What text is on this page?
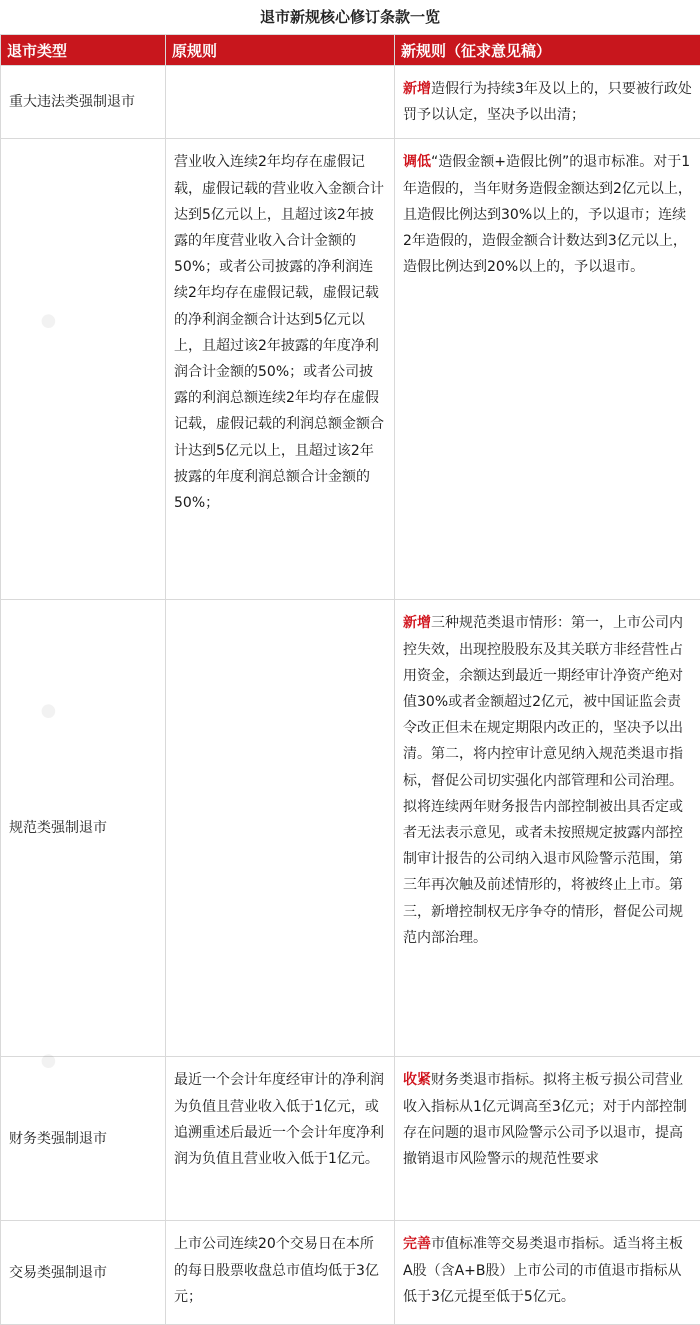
●
●
●
退市新规核心修订条款一览
退市类型	原规则	新规则（征求意见稿）
重大违法类强制退市		新增造假行为持续3年及以上的，只要被行政处罚予以认定，坚决予以出清；
	营业收入连续2年均存在虚假记载，虚假记载的营业收入金额合计达到5亿元以上，且超过该2年披露的年度营业收入合计金额的50%；或者公司披露的净利润连续2年均存在虚假记载，虚假记载的净利润金额合计达到5亿元以上，且超过该2年披露的年度净利润合计金额的50%；或者公司披露的利润总额连续2年均存在虚假记载，虚假记载的利润总额金额合计达到5亿元以上，且超过该2年披露的年度利润总额合计金额的50%；	调低“造假金额+造假比例”的退市标准。对于1年造假的，当年财务造假金额达到2亿元以上，且造假比例达到30%以上的，予以退市；连续2年造假的，造假金额合计数达到3亿元以上，造假比例达到20%以上的，予以退市。
规范类强制退市		新增三种规范类退市情形：第一，上市公司内控失效，出现控股股东及其关联方非经营性占用资金，余额达到最近一期经审计净资产绝对值30%或者金额超过2亿元，被中国证监会责令改正但未在规定期限内改正的，坚决予以出清。第二，将内控审计意见纳入规范类退市指标，督促公司切实强化内部管理和公司治理。拟将连续两年财务报告内部控制被出具否定或者无法表示意见，或者未按照规定披露内部控制审计报告的公司纳入退市风险警示范围，第三年再次触及前述情形的，将被终止上市。第三，新增控制权无序争夺的情形，督促公司规范内部治理。
财务类强制退市	最近一个会计年度经审计的净利润为负值且营业收入低于1亿元，或追溯重述后最近一个会计年度净利润为负值且营业收入低于1亿元。	收紧财务类退市指标。拟将主板亏损公司营业收入指标从1亿元调高至3亿元；对于内部控制存在问题的退市风险警示公司予以退市，提高撤销退市风险警示的规范性要求
交易类强制退市	上市公司连续20个交易日在本所的每日股票收盘总市值均低于3亿元；	完善市值标准等交易类退市指标。适当将主板A股（含A+B股）上市公司的市值退市指标从低于3亿元提至低于5亿元。
